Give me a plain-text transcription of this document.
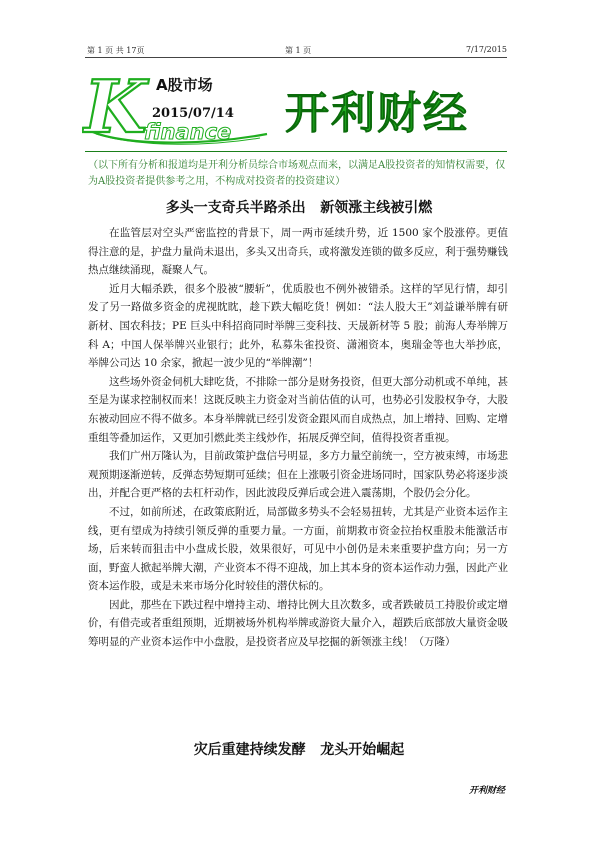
第 1 页 共 17页	第 1 页	7/17/2015
K A股市场
2015/07/14
finance 开利财经
（以下所有分析和报道均是开利分析员综合市场观点而来，以满足A股投资者的知情权需要，仅为A股投资者提供参考之用，不构成对投资者的投资建议）
多头一支奇兵半路杀出   新领涨主线被引燃

在监管层对空头严密监控的背景下，周一两市延续升势，近 1500 家个股涨停。更值得注意的是，护盘力量尚未退出，多头又出奇兵，或将激发连锁的做多反应，利于强势赚钱热点继续涌现，凝聚人气。

近月大幅杀跌，很多个股被“腰斩”，优质股也不例外被错杀。这样的罕见行情，却引发了另一路做多资金的虎视眈眈，趁下跌大幅吃货！例如：“法人股大王”刘益谦举牌有研新材、国农科技；PE 巨头中科招商同时举牌三变科技、天晟新材等 5 股；前海人寿举牌万科 A；中国人保举牌兴业银行；此外，私募朱雀投资、潇湘资本，奥瑞金等也大举抄底，举牌公司达 10 余家，掀起一波少见的“举牌潮”！

这些场外资金伺机大肆吃货，不排除一部分是财务投资，但更大部分动机或不单纯，甚至是为谋求控制权而来！这既反映主力资金对当前估值的认可，也势必引发股权争夺，大股东被动回应不得不做多。本身举牌就已经引发资金跟风而自成热点，加上增持、回购、定增重组等叠加运作，又更加引燃此类主线炒作，拓展反弹空间，值得投资者重视。

我们广州万隆认为，目前政策护盘信号明显，多方力量空前统一，空方被束缚，市场悲观预期逐渐逆转，反弹态势短期可延续；但在上涨吸引资金进场同时，国家队势必将逐步淡出，并配合更严格的去杠杆动作，因此波段反弹后或会进入震荡期，个股仍会分化。

不过，如前所述，在政策底附近，局部做多势头不会轻易扭转，尤其是产业资本运作主线，更有望成为持续引领反弹的重要力量。一方面，前期救市资金拉抬权重股未能激活市场，后来转而狙击中小盘成长股，效果很好，可见中小创仍是未来重要护盘方向；另一方面，野蛮人掀起举牌大潮，产业资本不得不迎战，加上其本身的资本运作动力强，因此产业资本运作股，或是未来市场分化时较佳的潜伏标的。

因此，那些在下跌过程中增持主动、增持比例大且次数多，或者跌破员工持股价或定增价，有借壳或者重组预期，近期被场外机构举牌或游资大量介入，超跌后底部放大量资金吸筹明显的产业资本运作中小盘股，是投资者应及早挖掘的新领涨主线！（万隆）

灾后重建持续发酵   龙头开始崛起
开利财经
